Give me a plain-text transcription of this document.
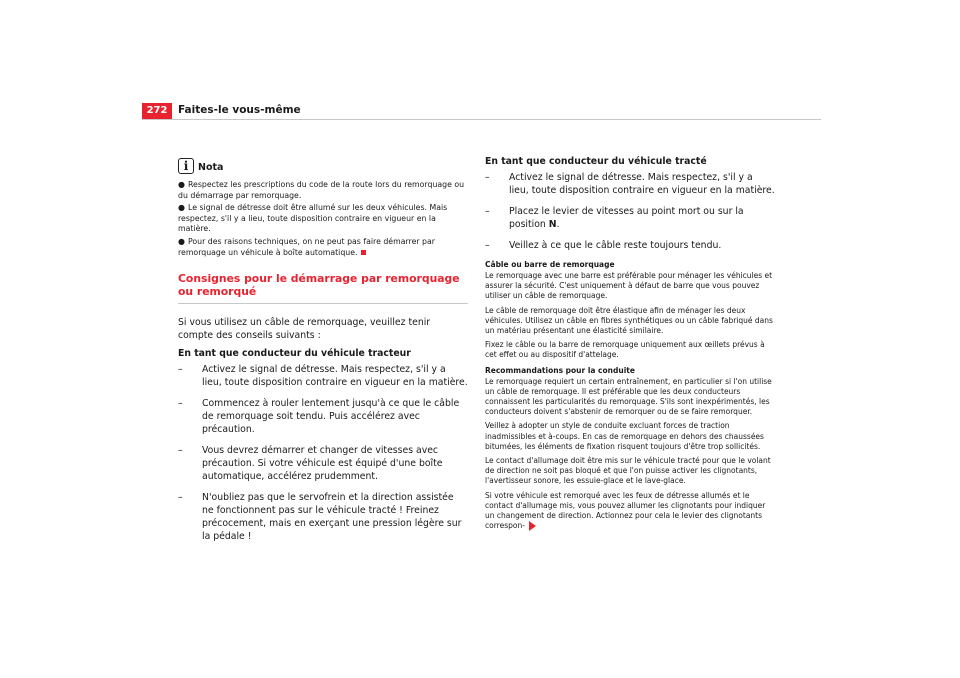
272	Faites-le vous-même
i	Nota
● Respectez les prescriptions du code de la route lors du remorquage ou du démarrage par remorquage.
● Le signal de détresse doit être allumé sur les deux véhicules. Mais respectez, s'il y a lieu, toute disposition contraire en vigueur en la matière.
● Pour des raisons techniques, on ne peut pas faire démarrer par remorquage un véhicule à boîte automatique.
Consignes pour le démarrage par remorquage ou remorqué
Si vous utilisez un câble de remorquage, veuillez tenir compte des conseils suivants :
En tant que conducteur du véhicule tracteur
– Activez le signal de détresse. Mais respectez, s'il y a lieu, toute disposition contraire en vigueur en la matière.
– Commencez à rouler lentement jusqu'à ce que le câble de remorquage soit tendu. Puis accélérez avec précaution.
– Vous devrez démarrer et changer de vitesses avec précaution. Si votre véhicule est équipé d'une boîte automatique, accélérez prudemment.
– N'oubliez pas que le servofrein et la direction assistée ne fonctionnent pas sur le véhicule tracté ! Freinez précocement, mais en exerçant une pression légère sur la pédale !
En tant que conducteur du véhicule tracté
– Activez le signal de détresse. Mais respectez, s'il y a lieu, toute disposition contraire en vigueur en la matière.
– Placez le levier de vitesses au point mort ou sur la position N.
– Veillez à ce que le câble reste toujours tendu.
Câble ou barre de remorquage
Le remorquage avec une barre est préférable pour ménager les véhicules et assurer la sécurité. C'est uniquement à défaut de barre que vous pouvez utiliser un câble de remorquage.
Le câble de remorquage doit être élastique afin de ménager les deux véhicules. Utilisez un câble en fibres synthétiques ou un câble fabriqué dans un matériau présentant une élasticité similaire.
Fixez le câble ou la barre de remorquage uniquement aux œillets prévus à cet effet ou au dispositif d'attelage.
Recommandations pour la conduite
Le remorquage requiert un certain entraînement, en particulier si l'on utilise un câble de remorquage. Il est préférable que les deux conducteurs connaissent les particularités du remorquage. S'ils sont inexpérimentés, les conducteurs doivent s'abstenir de remorquer ou de se faire remorquer.
Veillez à adopter un style de conduite excluant forces de traction inadmissibles et à-coups. En cas de remorquage en dehors des chaussées bitumées, les éléments de fixation risquent toujours d'être trop sollicités.
Le contact d'allumage doit être mis sur le véhicule tracté pour que le volant de direction ne soit pas bloqué et que l'on puisse activer les clignotants, l'avertisseur sonore, les essuie-glace et le lave-glace.
Si votre véhicule est remorqué avec les feux de détresse allumés et le contact d'allumage mis, vous pouvez allumer les clignotants pour indiquer un changement de direction. Actionnez pour cela le levier des clignotants correspon-
